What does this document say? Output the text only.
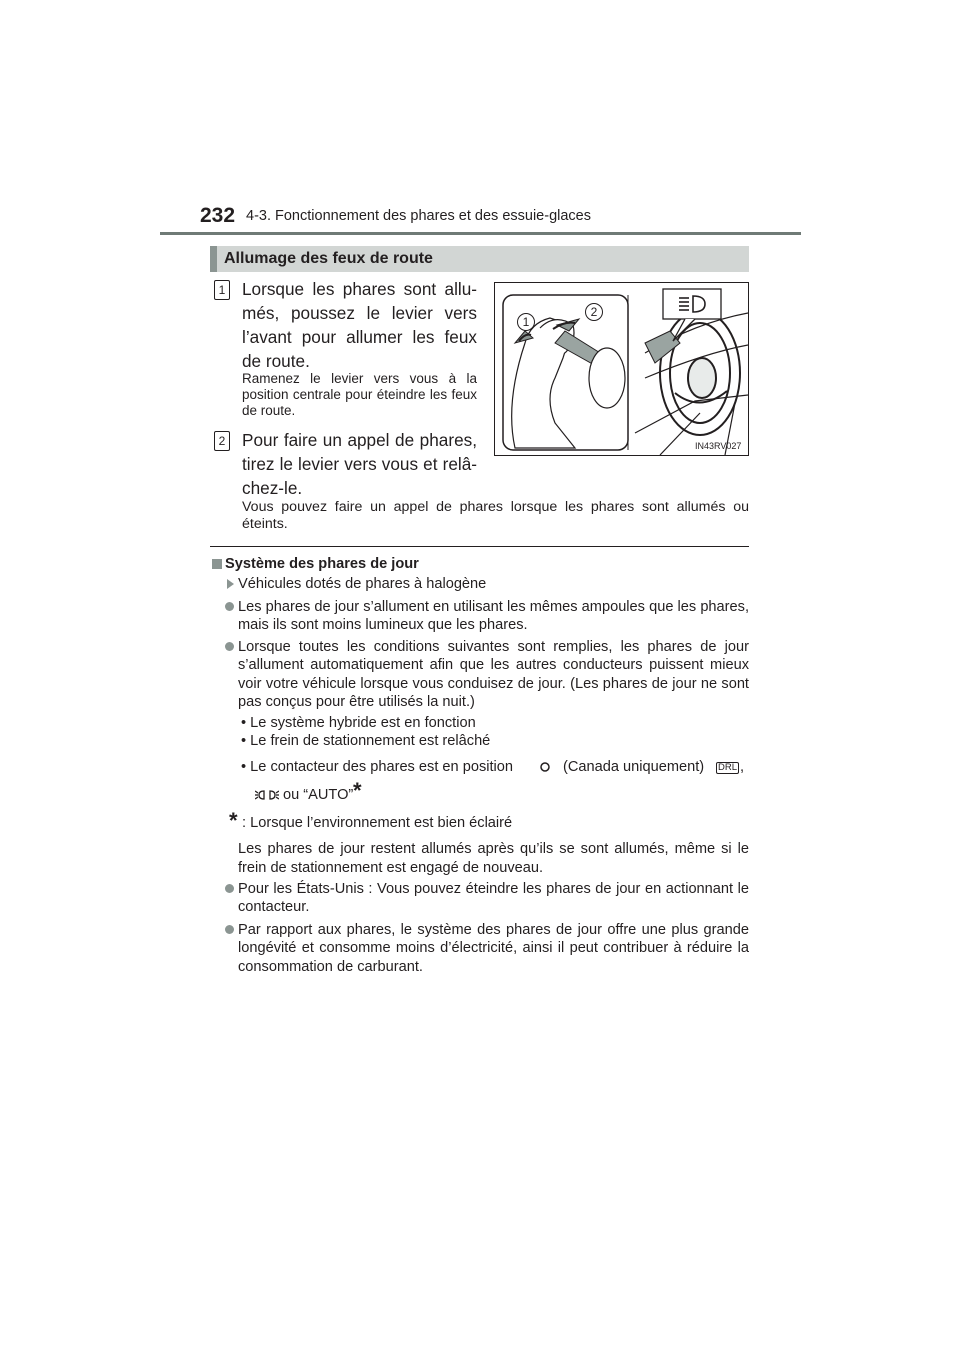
232 4-3. Fonctionnement des phares et des essuie-glaces
Allumage des feux de route
1 Lorsque les phares sont allu-més, poussez le levier vers l’avant pour allumer les feux de route.
Ramenez le levier vers vous à la position centrale pour éteindre les feux de route.
2 Pour faire un appel de phares, tirez le levier vers vous et relâ-chez-le.
1
2
IN43RV027
Vous pouvez faire un appel de phares lorsque les phares sont allumés ou éteints.
Système des phares de jour
Véhicules dotés de phares à halogène
Les phares de jour s’allument en utilisant les mêmes ampoules que les phares, mais ils sont moins lumineux que les phares.
Lorsque toutes les conditions suivantes sont remplies, les phares de jour s’allument automatiquement afin que les autres conducteurs puissent mieux voir votre véhicule lorsque vous conduisez de jour. (Les phares de jour ne sont pas conçus pour être utilisés la nuit.)
• Le système hybride est en fonction
• Le frein de stationnement est relâché
• Le contacteur des phares est en position	(Canada uniquement)	DRL ,
ou “AUTO” *
* : Lorsque l’environnement est bien éclairé
Les phares de jour restent allumés après qu’ils se sont allumés, même si le frein de stationnement est engagé de nouveau.
Pour les États-Unis : Vous pouvez éteindre les phares de jour en actionnant le contacteur.
Par rapport aux phares, le système des phares de jour offre une plus grande longévité et consomme moins d’électricité, ainsi il peut contribuer à réduire la consommation de carburant.
